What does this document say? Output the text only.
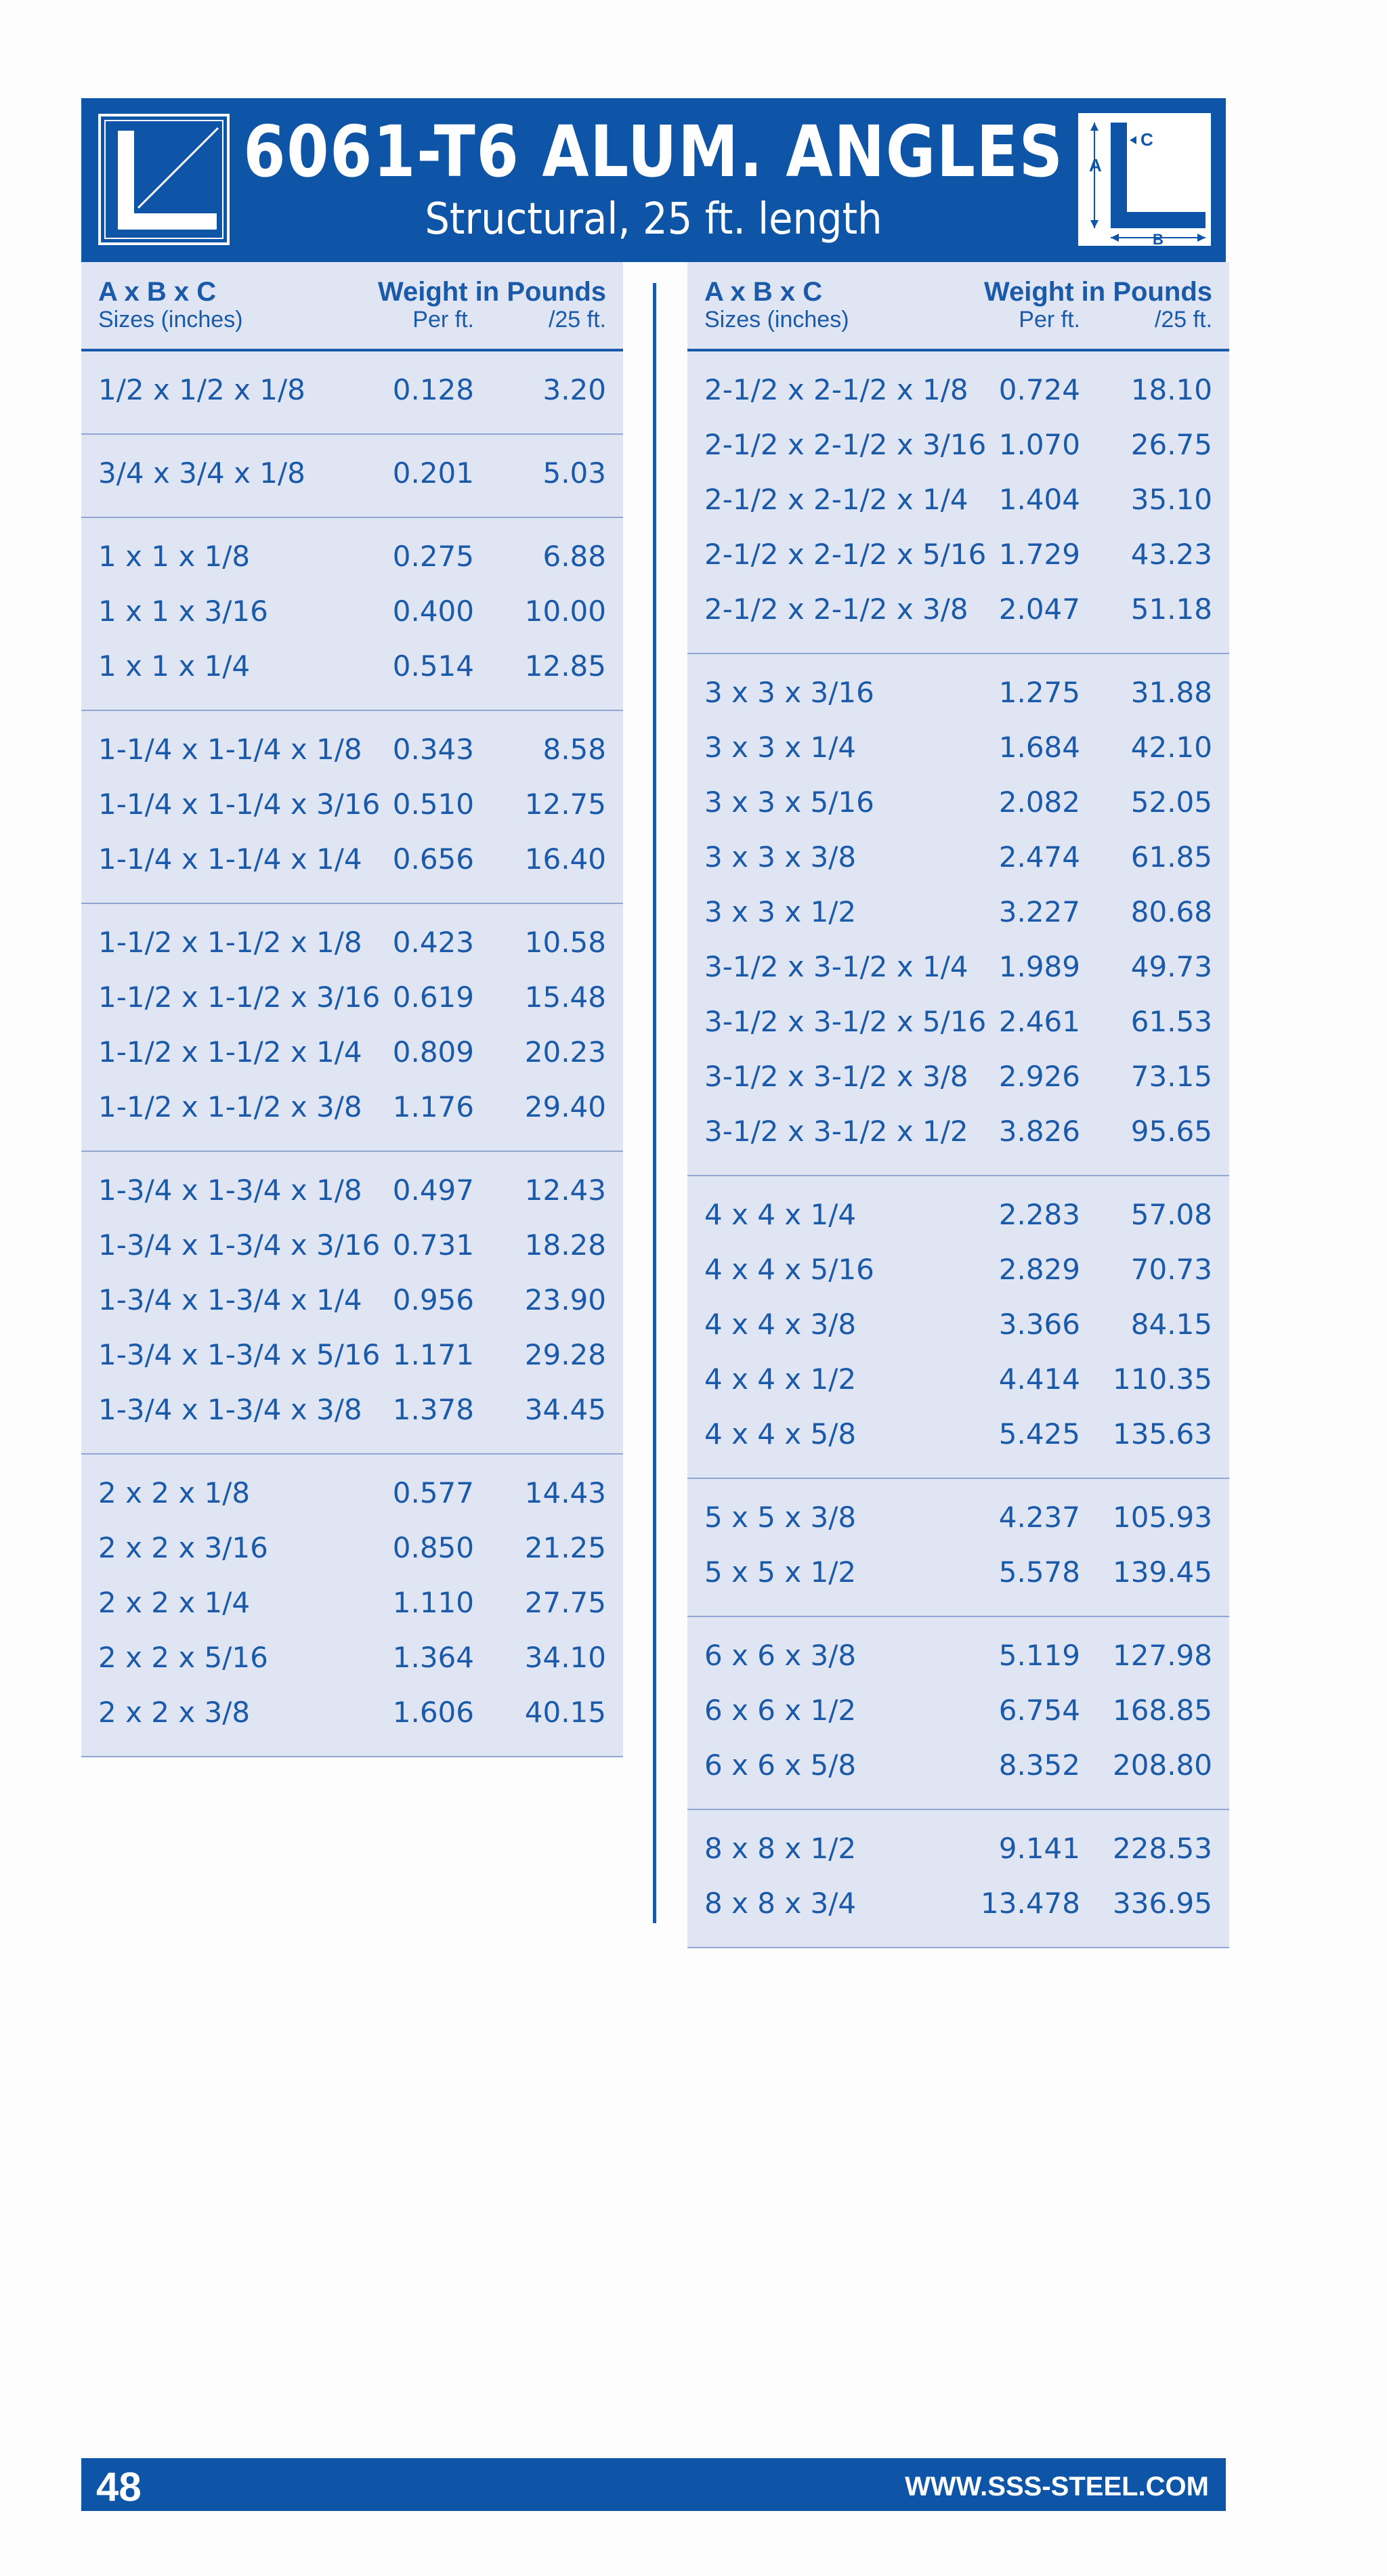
6061-T6 ALUM. ANGLES
Structural, 25 ft. length
A
C
B
A x B x C	Weight in Pounds
Sizes (inches)	Per ft.	/25 ft.
1/2 x 1/2 x 1/8	0.128 3.20
3/4 x 3/4 x 1/8	0.201 5.03
1 x 1 x 1/8	0.275 6.88
1 x 1 x 3/16	0.400 10.00
1 x 1 x 1/4	0.514 12.85
1-1/4 x 1-1/4 x 1/8	0.343 8.58
1-1/4 x 1-1/4 x 3/16 0.510 12.75
1-1/4 x 1-1/4 x 1/4	0.656 16.40
1-1/2 x 1-1/2 x 1/8	0.423 10.58
1-1/2 x 1-1/2 x 3/16 0.619 15.48
1-1/2 x 1-1/2 x 1/4	0.809 20.23
1-1/2 x 1-1/2 x 3/8	1.176 29.40
1-3/4 x 1-3/4 x 1/8	0.497 12.43
1-3/4 x 1-3/4 x 3/16 0.731 18.28
1-3/4 x 1-3/4 x 1/4	0.956 23.90
1-3/4 x 1-3/4 x 5/16 1.171 29.28
1-3/4 x 1-3/4 x 3/8	1.378 34.45
2 x 2 x 1/8	0.577 14.43
2 x 2 x 3/16	0.850 21.25
2 x 2 x 1/4	1.110 27.75
2 x 2 x 5/16	1.364 34.10
2 x 2 x 3/8	1.606 40.15
A x B x C	Weight in Pounds
Sizes (inches)	Per ft.	/25 ft.
2-1/2 x 2-1/2 x 1/8	0.724 18.10
2-1/2 x 2-1/2 x 3/16 1.070 26.75
2-1/2 x 2-1/2 x 1/4	1.404 35.10
2-1/2 x 2-1/2 x 5/16 1.729 43.23
2-1/2 x 2-1/2 x 3/8	2.047 51.18
3 x 3 x 3/16	1.275 31.88
3 x 3 x 1/4	1.684 42.10
3 x 3 x 5/16	2.082 52.05
3 x 3 x 3/8	2.474 61.85
3 x 3 x 1/2	3.227 80.68
3-1/2 x 3-1/2 x 1/4	1.989 49.73
3-1/2 x 3-1/2 x 5/16 2.461 61.53
3-1/2 x 3-1/2 x 3/8	2.926 73.15
3-1/2 x 3-1/2 x 1/2	3.826 95.65
4 x 4 x 1/4	2.283 57.08
4 x 4 x 5/16	2.829 70.73
4 x 4 x 3/8	3.366 84.15
4 x 4 x 1/2	4.414 110.35
4 x 4 x 5/8	5.425 135.63
5 x 5 x 3/8	4.237 105.93
5 x 5 x 1/2	5.578 139.45
6 x 6 x 3/8	5.119 127.98
6 x 6 x 1/2	6.754 168.85
6 x 6 x 5/8	8.352 208.80
8 x 8 x 1/2	9.141 228.53
8 x 8 x 3/4	13.478 336.95
48	WWW.SSS-STEEL.COM
